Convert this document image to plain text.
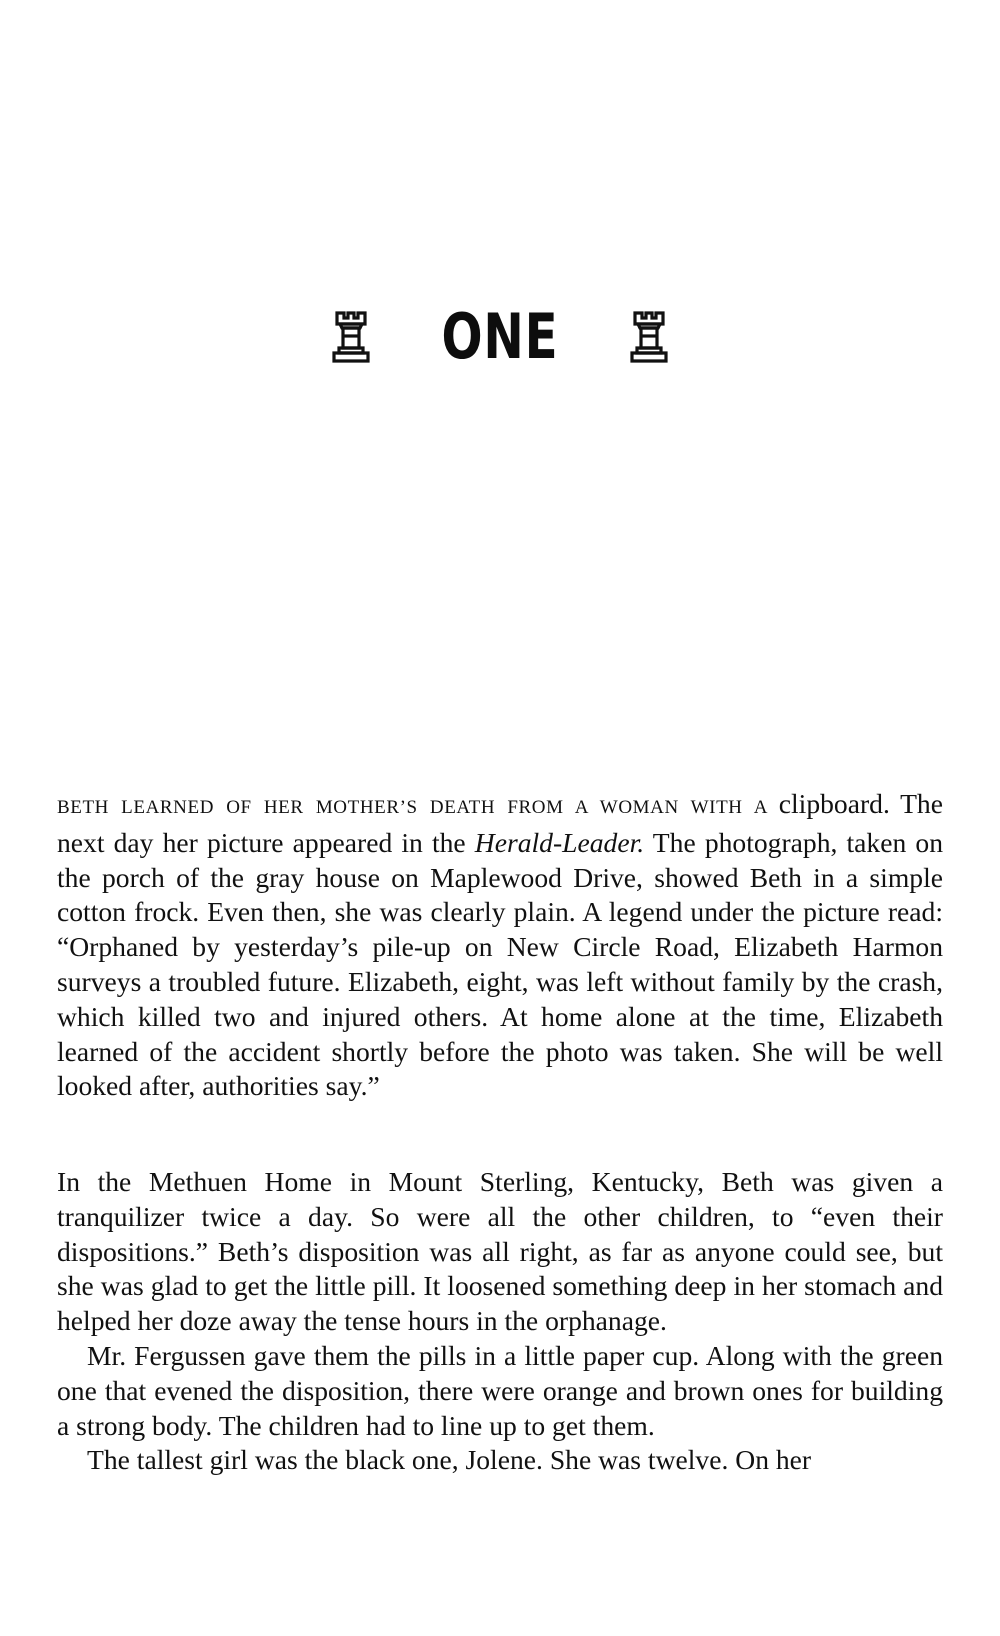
ONE

BETH LEARNED OF HER MOTHER’S DEATH FROM A WOMAN WITH A clipboard. The next day her picture appeared in the Herald-Leader. The photograph, taken on the porch of the gray house on Maplewood Drive, showed Beth in a simple cotton frock. Even then, she was clearly plain. A legend under the picture read: “Orphaned by yesterday’s pile-up on New Circle Road, Elizabeth Harmon surveys a troubled future. Elizabeth, eight, was left without family by the crash, which killed two and injured others. At home alone at the time, Elizabeth learned of the accident shortly before the photo was taken. She will be well looked after, authorities say.”

In the Methuen Home in Mount Sterling, Kentucky, Beth was given a tranquilizer twice a day. So were all the other children, to “even their dispositions.” Beth’s disposition was all right, as far as anyone could see, but she was glad to get the little pill. It loosened something deep in her stomach and helped her doze away the tense hours in the orphanage.

Mr. Fergussen gave them the pills in a little paper cup. Along with the green one that evened the disposition, there were orange and brown ones for building a strong body. The children had to line up to get them.

The tallest girl was the black one, Jolene. She was twelve. On her
